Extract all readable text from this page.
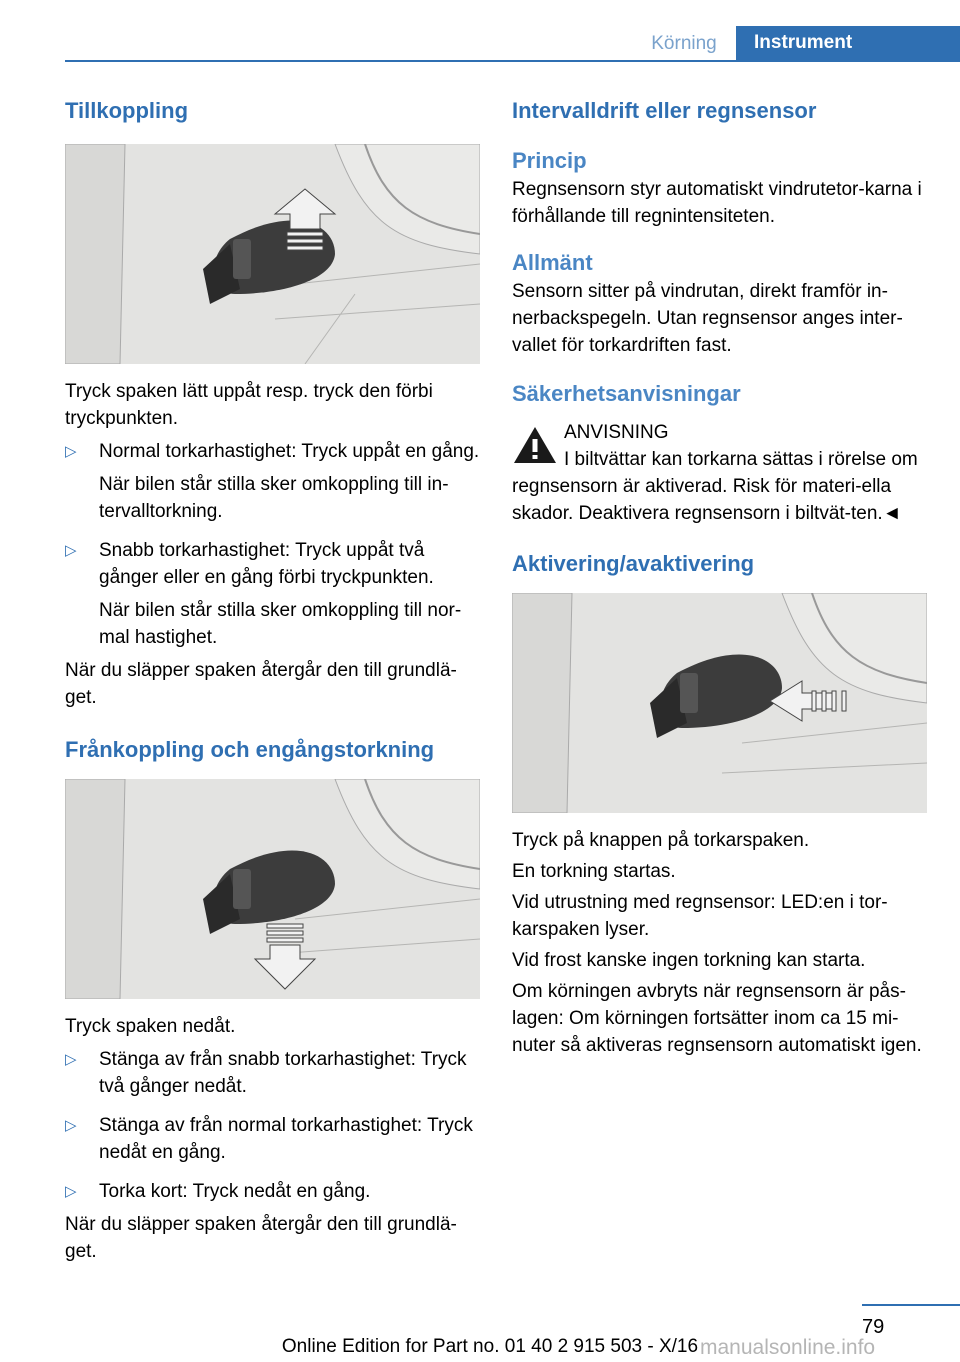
Körning	Instrument
Tillkoppling

Tryck spaken lätt uppåt resp. tryck den förbi tryckpunkten.

▷ Normal torkarhastighet: Tryck uppåt en gång.
När bilen står stilla sker omkoppling till in-tervalltorkning.
▷ Snabb torkarhastighet: Tryck uppåt två gånger eller en gång förbi tryckpunkten.
När bilen står stilla sker omkoppling till nor-mal hastighet.

När du släpper spaken återgår den till grundlä-get.

Frånkoppling och engångstorkning

Tryck spaken nedåt.

▷ Stänga av från snabb torkarhastighet: Tryck två gånger nedåt.
▷ Stänga av från normal torkarhastighet: Tryck nedåt en gång.
▷ Torka kort: Tryck nedåt en gång.

När du släpper spaken återgår den till grundlä-get.

Intervalldrift eller regnsensor
Princip

Regnsensorn styr automatiskt vindrutetor-karna i förhållande till regnintensiteten.

Allmänt

Sensorn sitter på vindrutan, direkt framför in-nerbackspegeln. Utan regnsensor anges inter-vallet för torkardriften fast.

Säkerhetsanvisningar

ANVISNING

I biltvättar kan torkarna sättas i rörelse om regnsensorn är aktiverad. Risk för materi-ella skador. Deaktivera regnsensorn i biltvät-ten.◄

Aktivering/avaktivering

Tryck på knappen på torkarspaken.

En torkning startas.

Vid utrustning med regnsensor: LED:en i tor-karspaken lyser.

Vid frost kanske ingen torkning kan starta.

Om körningen avbryts när regnsensorn är pås-lagen: Om körningen fortsätter inom ca 15 mi-nuter så aktiveras regnsensorn automatiskt igen.

79
Online Edition for Part no. 01 40 2 915 503 - X/16 manualsonline.info
